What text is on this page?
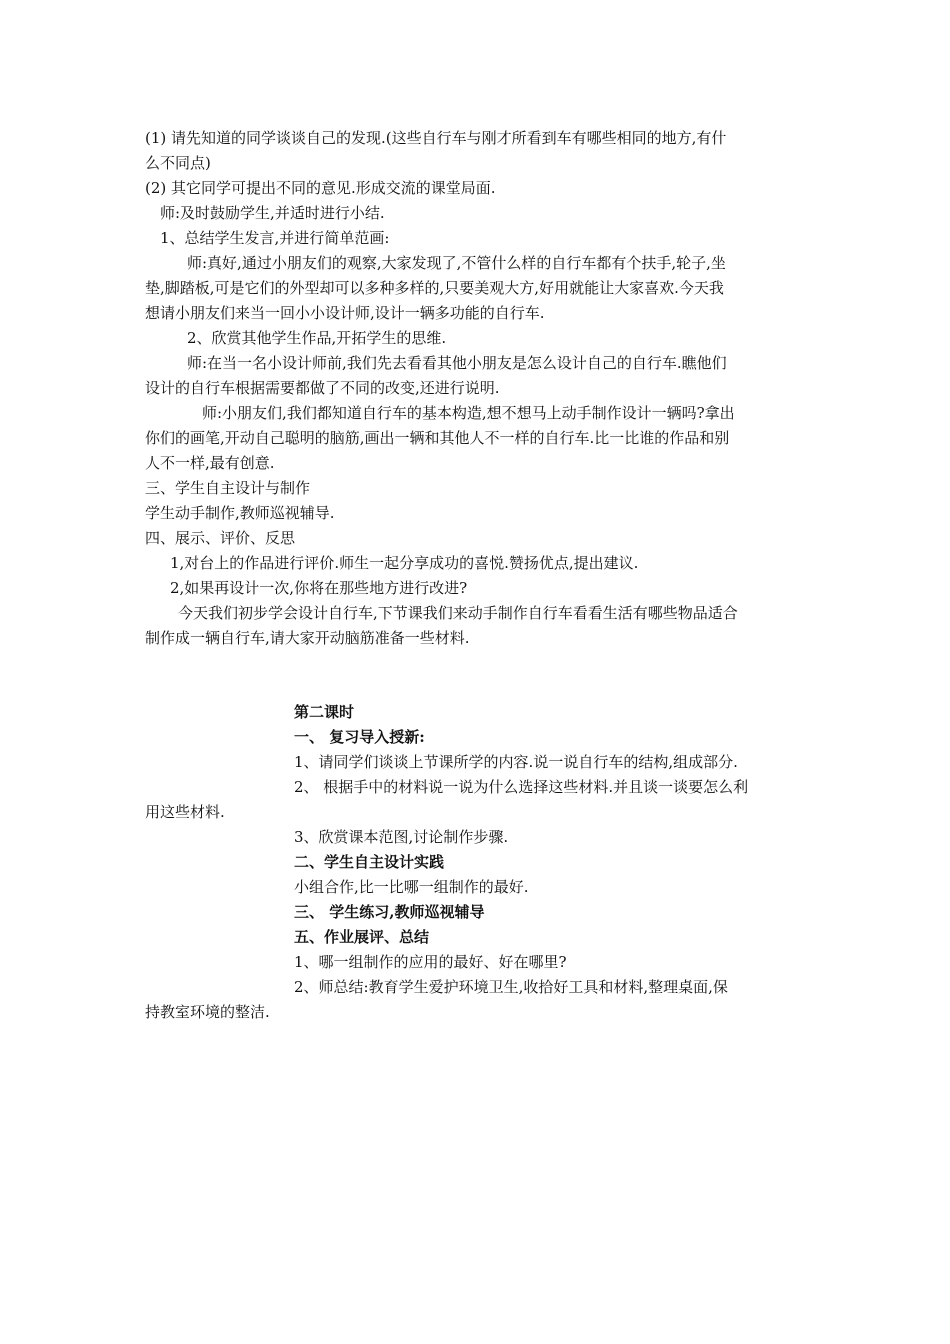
(1) 请先知道的同学谈谈自己的发现.(这些自行车与刚才所看到车有哪些相同的地方,有什
么不同点)
(2) 其它同学可提出不同的意见.形成交流的课堂局面.
师:及时鼓励学生,并适时进行小结.
1、总结学生发言,并进行简单范画:
师:真好,通过小朋友们的观察,大家发现了,不管什么样的自行车都有个扶手,轮子,坐
垫,脚踏板,可是它们的外型却可以多种多样的,只要美观大方,好用就能让大家喜欢.今天我
想请小朋友们来当一回小小设计师,设计一辆多功能的自行车.
2、欣赏其他学生作品,开拓学生的思维.
师:在当一名小设计师前,我们先去看看其他小朋友是怎么设计自己的自行车.瞧他们
设计的自行车根据需要都做了不同的改变,还进行说明.
师:小朋友们,我们都知道自行车的基本构造,想不想马上动手制作设计一辆吗?拿出
你们的画笔,开动自己聪明的脑筋,画出一辆和其他人不一样的自行车.比一比谁的作品和别
人不一样,最有创意.
三、学生自主设计与制作
学生动手制作,教师巡视辅导.
四、展示、评价、反思
1,对台上的作品进行评价.师生一起分享成功的喜悦.赞扬优点,提出建议.
2,如果再设计一次,你将在那些地方进行改进?
今天我们初步学会设计自行车,下节课我们来动手制作自行车看看生活有哪些物品适合
制作成一辆自行车,请大家开动脑筋准备一些材料.
第二课时
一、 复习导入授新:
1、请同学们谈谈上节课所学的内容.说一说自行车的结构,组成部分.
2、 根据手中的材料说一说为什么选择这些材料.并且谈一谈要怎么利
用这些材料.
3、欣赏课本范图,讨论制作步骤.
二、学生自主设计实践
小组合作,比一比哪一组制作的最好.
三、 学生练习,教师巡视辅导
五、作业展评、总结
1、哪一组制作的应用的最好、好在哪里?
2、师总结:教育学生爱护环境卫生,收拾好工具和材料,整理桌面,保
持教室环境的整洁.
